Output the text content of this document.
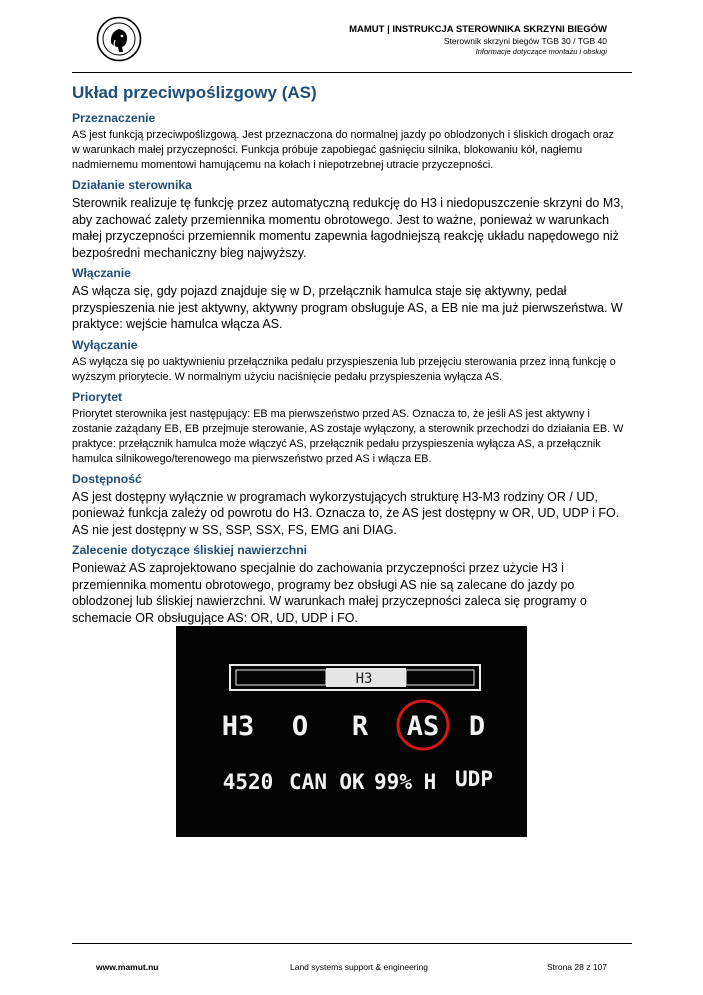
MAMUT | INSTRUKCJA STEROWNIKA SKRZYNI BIEGÓW
Sterownik skrzyni biegów TGB 30 / TGB 40
Informacje dotyczące montażu i obsługi
Układ przeciwpoślizgowy (AS)
Przeznaczenie

AS jest funkcją przeciwpoślizgową. Jest przeznaczona do normalnej jazdy po oblodzonych i śliskich drogach oraz w warunkach małej przyczepności. Funkcja próbuje zapobiegać gaśnięciu silnika, blokowaniu kół, nagłemu nadmiernemu momentowi hamującemu na kołach i niepotrzebnej utracie przyczepności.

Działanie sterownika

Sterownik realizuje tę funkcję przez automatyczną redukcję do H3 i niedopuszczenie skrzyni do M3, aby zachować zalety przemiennika momentu obrotowego. Jest to ważne, ponieważ w warunkach małej przyczepności przemiennik momentu zapewnia łagodniejszą reakcję układu napędowego niż bezpośredni mechaniczny bieg najwyższy.

Włączanie

AS włącza się, gdy pojazd znajduje się w D, przełącznik hamulca staje się aktywny, pedał przyspieszenia nie jest aktywny, aktywny program obsługuje AS, a EB nie ma już pierwszeństwa. W praktyce: wejście hamulca włącza AS.

Wyłączanie

AS wyłącza się po uaktywnieniu przełącznika pedału przyspieszenia lub przejęciu sterowania przez inną funkcję o wyższym priorytecie. W normalnym użyciu naciśnięcie pedału przyspieszenia wyłącza AS.

Priorytet

Priorytet sterownika jest następujący: EB ma pierwszeństwo przed AS. Oznacza to, że jeśli AS jest aktywny i zostanie zażądany EB, EB przejmuje sterowanie, AS zostaje wyłączony, a sterownik przechodzi do działania EB. W praktyce: przełącznik hamulca może włączyć AS, przełącznik pedału przyspieszenia wyłącza AS, a przełącznik hamulca silnikowego/terenowego ma pierwszeństwo przed AS i włącza EB.

Dostępność

AS jest dostępny wyłącznie w programach wykorzystujących strukturę H3-M3 rodziny OR / UD, ponieważ funkcja zależy od powrotu do H3. Oznacza to, że AS jest dostępny w OR, UD, UDP i FO. AS nie jest dostępny w SS, SSP, SSX, FS, EMG ani DIAG.

Zalecenie dotyczące śliskiej nawierzchni

Ponieważ AS zaprojektowano specjalnie do zachowania przyczepności przez użycie H3 i przemiennika momentu obrotowego, programy bez obsługi AS nie są zalecane do jazdy po oblodzonej lub śliskiej nawierzchni. W warunkach małej przyczepności zaleca się programy o schemacie OR obsługujące AS: OR, UD, UDP i FO.

H3
H3 O R AS D
4520 CAN OK 99% H UDP
www.mamut.nu	Land systems support & engineering	Strona 28 z 107
